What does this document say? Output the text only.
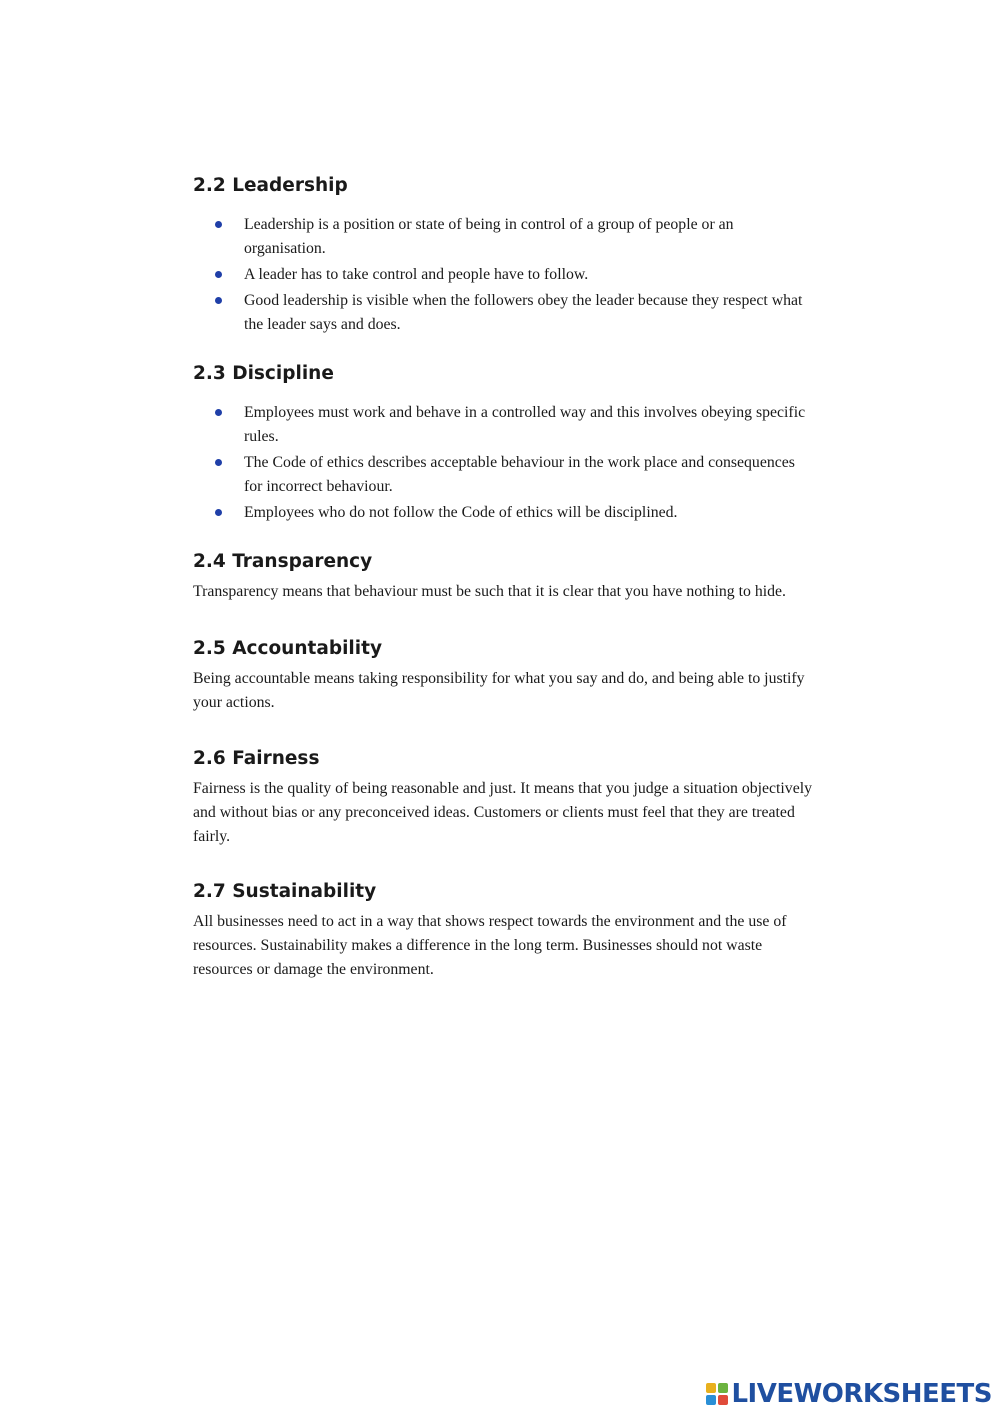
2.2 Leadership
Leadership is a position or state of being in control of a group of people or an organisation.
A leader has to take control and people have to follow.
Good leadership is visible when the followers obey the leader because they respect what the leader says and does.
2.3 Discipline
Employees must work and behave in a controlled way and this involves obeying specific rules.
The Code of ethics describes acceptable behaviour in the work place and consequences for incorrect behaviour.
Employees who do not follow the Code of ethics will be disciplined.
2.4 Transparency

Transparency means that behaviour must be such that it is clear that you have nothing to hide.

2.5 Accountability

Being accountable means taking responsibility for what you say and do, and being able to justify your actions.

2.6 Fairness

Fairness is the quality of being reasonable and just. It means that you judge a situation objectively and without bias or any preconceived ideas. Customers or clients must feel that they are treated fairly.

2.7 Sustainability

All businesses need to act in a way that shows respect towards the environment and the use of resources. Sustainability makes a difference in the long term. Businesses should not waste resources or damage the environment.

LIVEWORKSHEETS
